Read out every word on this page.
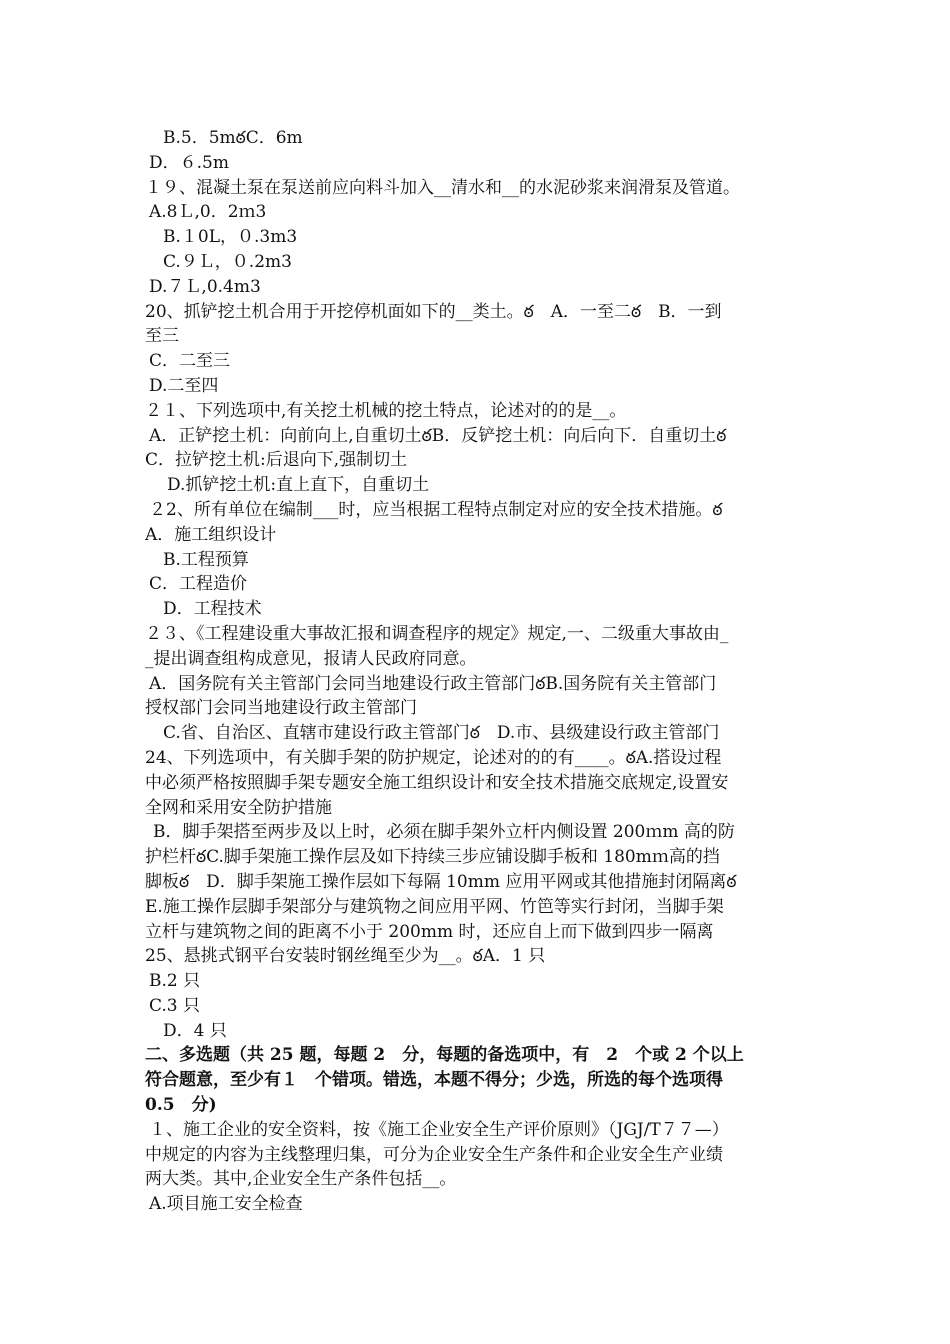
B.5．5mఠC．6m
D．６.5m
１９、混凝土泵在泵送前应向料斗加入__清水和__的水泥砂浆来润滑泵及管道。
A.8Ｌ,0．2ｍ3
B.１0L，０.3m3
C.９Ｌ，０.2m3
D.７Ｌ,0.4m3
20、抓铲挖土机合用于开挖停机面如下的__类土。ఠ　A．一至二ఠ　B．一到
至三
C．二至三
D.二至四
２１、下列选项中,有关挖土机械的挖土特点，论述对的的是__。
A．正铲挖土机：向前向上,自重切土ఠB．反铲挖土机：向后向下．自重切土ఠ
C．拉铲挖土机:后退向下,强制切土
D.抓铲挖土机:直上直下，自重切土
２2、所有单位在编制___时，应当根据工程特点制定对应的安全技术措施。ఠ
A．施工组织设计
B.工程预算
C．工程造价
D．工程技术
２３、《工程建设重大事故汇报和调查程序的规定》规定,一、二级重大事故由_
_提出调查组构成意见，报请人民政府同意。
A．国务院有关主管部门会同当地建设行政主管部门ఠB.国务院有关主管部门
授权部门会同当地建设行政主管部门
C.省、自治区、直辖市建设行政主管部门ఠ　D.市、县级建设行政主管部门
24、下列选项中，有关脚手架的防护规定，论述对的的有____。ఠA.搭设过程
中必须严格按照脚手架专题安全施工组织设计和安全技术措施交底规定,设置安
全网和采用安全防护措施
B．脚手架搭至两步及以上时，必须在脚手架外立杆内侧设置 200ｍm 高的防
护栏杆ఠC.脚手架施工操作层及如下持续三步应铺设脚手板和 180mｍ高的挡
脚板ఠ　D．脚手架施工操作层如下每隔 10mm 应用平网或其他措施封闭隔离ఠ
E.施工操作层脚手架部分与建筑物之间应用平网、竹笆等实行封闭，当脚手架
立杆与建筑物之间的距离不小于 200mm 时，还应自上而下做到四步一隔离
25、悬挑式钢平台安装时钢丝绳至少为__。ఠA．1 只
B.2 只
C.3 只
D．4 只
二、多选题（共 25 题，每题 2　分，每题的备选项中，有　2　个或 2 个以上
符合题意，至少有１　个错项。错选，本题不得分；少选，所选的每个选项得
0.5　分)
１、施工企业的安全资料，按《施工企业安全生产评价原则》（JGJ/T７７—）
中规定的内容为主线整理归集，可分为企业安全生产条件和企业安全生产业绩
两大类。其中,企业安全生产条件包括__。
A.项目施工安全检查
